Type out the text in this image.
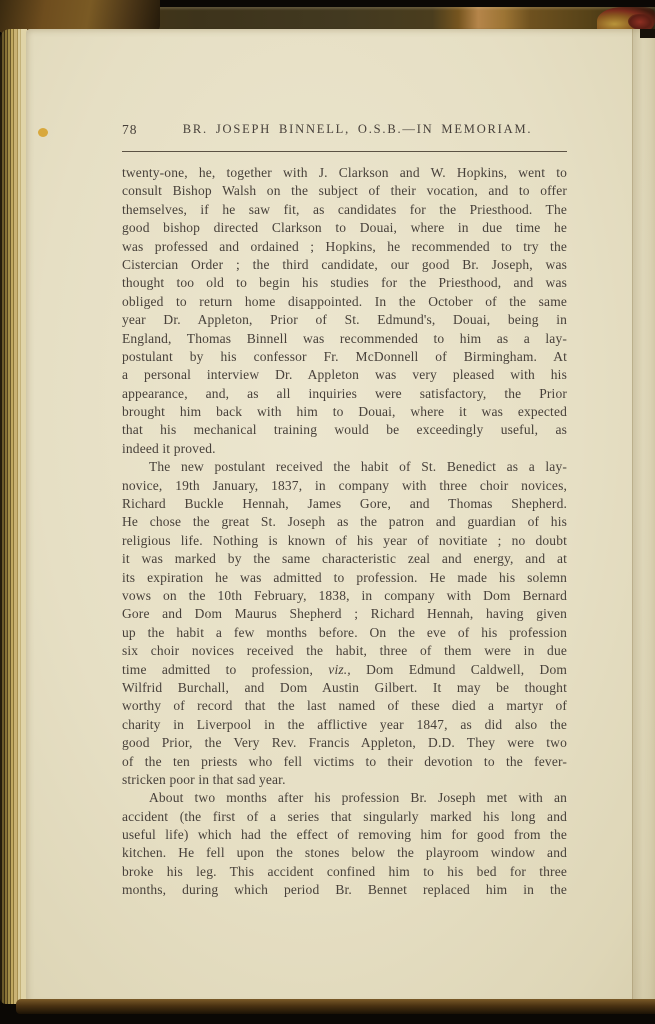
78	BR. JOSEPH BINNELL, O.S.B.—IN MEMORIAM.
twenty-one, he, together with J. Clarkson and W. Hopkins, went to
consult Bishop Walsh on the subject of their vocation, and to offer
themselves, if he saw fit, as candidates for the Priesthood. The
good bishop directed Clarkson to Douai, where in due time he
was professed and ordained ; Hopkins, he recommended to try the
Cistercian Order ; the third candidate, our good Br. Joseph, was
thought too old to begin his studies for the Priesthood, and was
obliged to return home disappointed. In the October of the same
year Dr. Appleton, Prior of St. Edmund's, Douai, being in
England, Thomas Binnell was recommended to him as a lay-
postulant by his confessor Fr. McDonnell of Birmingham. At
a personal interview Dr. Appleton was very pleased with his
appearance, and, as all inquiries were satisfactory, the Prior
brought him back with him to Douai, where it was expected
that his mechanical training would be exceedingly useful, as
indeed it proved.
The new postulant received the habit of St. Benedict as a lay-
novice, 19th January, 1837, in company with three choir novices,
Richard Buckle Hennah, James Gore, and Thomas Shepherd.
He chose the great St. Joseph as the patron and guardian of his
religious life. Nothing is known of his year of novitiate ; no doubt
it was marked by the same characteristic zeal and energy, and at
its expiration he was admitted to profession. He made his solemn
vows on the 10th February, 1838, in company with Dom Bernard
Gore and Dom Maurus Shepherd ; Richard Hennah, having given
up the habit a few months before. On the eve of his profession
six choir novices received the habit, three of them were in due
time admitted to profession, viz., Dom Edmund Caldwell, Dom
Wilfrid Burchall, and Dom Austin Gilbert. It may be thought
worthy of record that the last named of these died a martyr of
charity in Liverpool in the afflictive year 1847, as did also the
good Prior, the Very Rev. Francis Appleton, D.D. They were two
of the ten priests who fell victims to their devotion to the fever-
stricken poor in that sad year.
About two months after his profession Br. Joseph met with an
accident (the first of a series that singularly marked his long and
useful life) which had the effect of removing him for good from the
kitchen. He fell upon the stones below the playroom window and
broke his leg. This accident confined him to his bed for three
months, during which period Br. Bennet replaced him in the
